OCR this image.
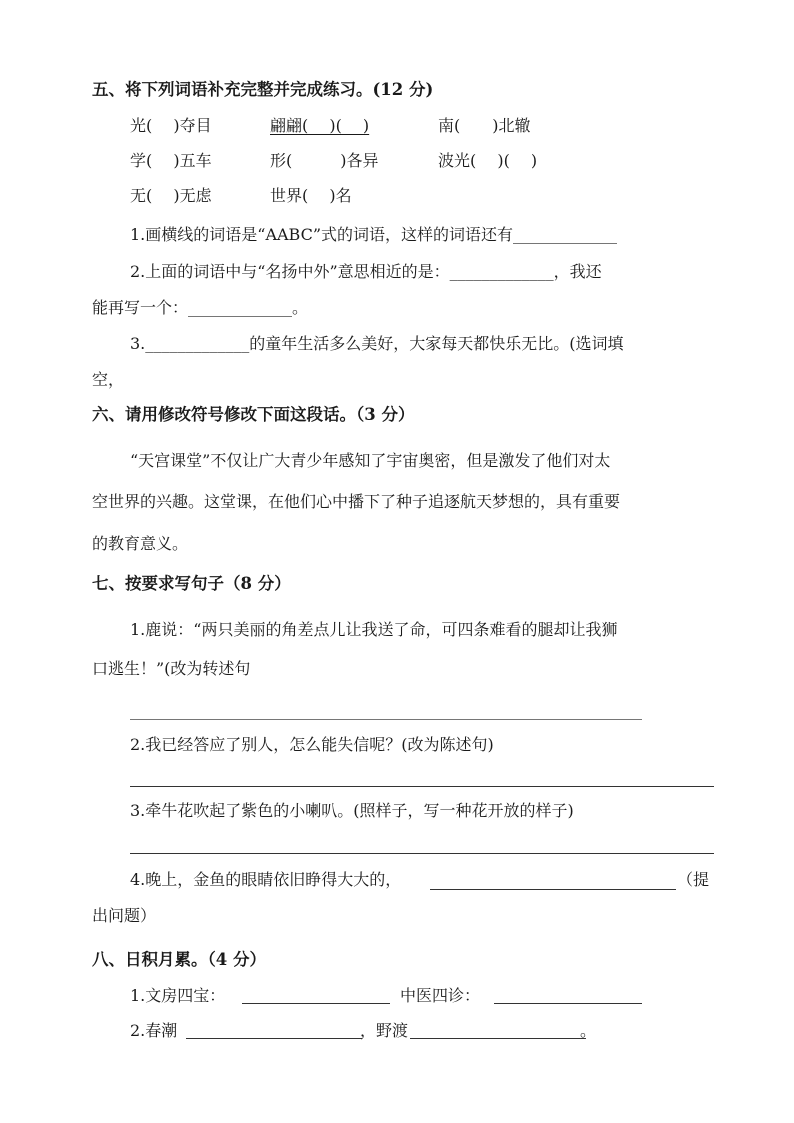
五、将下列词语补充完整并完成练习。(12 分)
光(　 )夺目	翩翩(　 )(　 )	南(　　)北辙
学(　 )五车	形(　　　)各异	波光(　 )(　 )
无(　 )无虑	世界(　 )名
1.画横线的词语是“AABC”式的词语，这样的词语还有_____________
2.上面的词语中与“名扬中外”意思相近的是：_____________，我还
能再写一个：_____________。
3._____________的童年生活多么美好，大家每天都快乐无比。(选词填
空，
六、请用修改符号修改下面这段话。（3 分）
“天宫课堂”不仅让广大青少年感知了宇宙奥密，但是激发了他们对太
空世界的兴趣。这堂课，在他们心中播下了种子追逐航天梦想的，具有重要
的教育意义。
七、按要求写句子（8 分）
1.鹿说：“两只美丽的角差点儿让我送了命，可四条难看的腿却让我狮
口逃生！”(改为转述句
________________________________________________________________
2.我已经答应了别人，怎么能失信呢？(改为陈述句)
3.牵牛花吹起了紫色的小喇叭。(照样子，写一种花开放的样子)
4.晚上，金鱼的眼睛依旧睁得大大的，	（提
出问题）
八、日积月累。（4 分）
1.文房四宝：	中医四诊：
2.春潮	，野渡	。
